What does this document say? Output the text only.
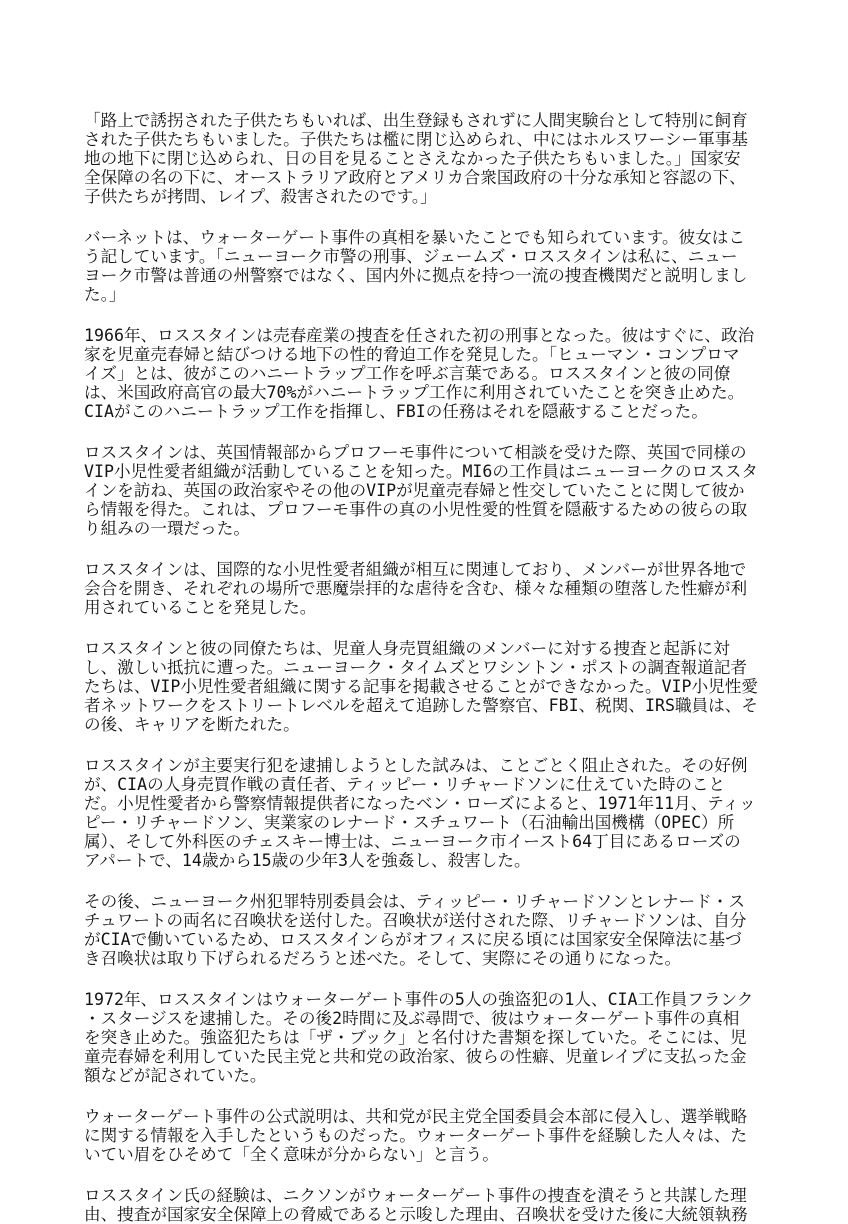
「路上で誘拐された子供たちもいれば、出生登録もされずに人間実験台として特別に飼育
された子供たちもいました。子供たちは檻に閉じ込められ、中にはホルスワーシー軍事基
地の地下に閉じ込められ、日の目を見ることさえなかった子供たちもいました。」国家安
全保障の名の下に、オーストラリア政府とアメリカ合衆国政府の十分な承知と容認の下、
子供たちが拷問、レイプ、殺害されたのです。」

バーネットは、ウォーターゲート事件の真相を暴いたことでも知られています。彼女はこ
う記しています。「ニューヨーク市警の刑事、ジェームズ・ロススタインは私に、ニュー
ヨーク市警は普通の州警察ではなく、国内外に拠点を持つ一流の捜査機関だと説明しまし
た。」

1966年、ロススタインは売春産業の捜査を任された初の刑事となった。彼はすぐに、政治
家を児童売春婦と結びつける地下の性的脅迫工作を発見した。「ヒューマン・コンプロマ
イズ」とは、彼がこのハニートラップ工作を呼ぶ言葉である。ロススタインと彼の同僚
は、米国政府高官の最大70%がハニートラップ工作に利用されていたことを突き止めた。
CIAがこのハニートラップ工作を指揮し、FBIの任務はそれを隠蔽することだった。

ロススタインは、英国情報部からプロフーモ事件について相談を受けた際、英国で同様の
VIP小児性愛者組織が活動していることを知った。MI6の工作員はニューヨークのロススタ
インを訪ね、英国の政治家やその他のVIPが児童売春婦と性交していたことに関して彼か
ら情報を得た。これは、プロフーモ事件の真の小児性愛的性質を隠蔽するための彼らの取
り組みの一環だった。

ロススタインは、国際的な小児性愛者組織が相互に関連しており、メンバーが世界各地で
会合を開き、それぞれの場所で悪魔崇拝的な虐待を含む、様々な種類の堕落した性癖が利
用されていることを発見した。

ロススタインと彼の同僚たちは、児童人身売買組織のメンバーに対する捜査と起訴に対
し、激しい抵抗に遭った。ニューヨーク・タイムズとワシントン・ポストの調査報道記者
たちは、VIP小児性愛者組織に関する記事を掲載させることができなかった。VIP小児性愛
者ネットワークをストリートレベルを超えて追跡した警察官、FBI、税関、IRS職員は、そ
の後、キャリアを断たれた。

ロススタインが主要実行犯を逮捕しようとした試みは、ことごとく阻止された。その好例
が、CIAの人身売買作戦の責任者、ティッピー・リチャードソンに仕えていた時のこと
だ。小児性愛者から警察情報提供者になったベン・ローズによると、1971年11月、ティッ
ピー・リチャードソン、実業家のレナード・スチュワート（石油輸出国機構（OPEC）所
属）、そして外科医のチェスキー博士は、ニューヨーク市イースト64丁目にあるローズの
アパートで、14歳から15歳の少年3人を強姦し、殺害した。

その後、ニューヨーク州犯罪特別委員会は、ティッピー・リチャードソンとレナード・ス
チュワートの両名に召喚状を送付した。召喚状が送付された際、リチャードソンは、自分
がCIAで働いているため、ロススタインらがオフィスに戻る頃には国家安全保障法に基づ
き召喚状は取り下げられるだろうと述べた。そして、実際にその通りになった。

1972年、ロススタインはウォーターゲート事件の5人の強盗犯の1人、CIA工作員フランク
・スタージスを逮捕した。その後2時間に及ぶ尋問で、彼はウォーターゲート事件の真相
を突き止めた。強盗犯たちは「ザ・ブック」と名付けた書類を探していた。そこには、児
童売春婦を利用していた民主党と共和党の政治家、彼らの性癖、児童レイプに支払った金
額などが記されていた。

ウォーターゲート事件の公式説明は、共和党が民主党全国委員会本部に侵入し、選挙戦略
に関する情報を入手したというものだった。ウォーターゲート事件を経験した人々は、た
いてい眉をひそめて「全く意味が分からない」と言う。

ロススタイン氏の経験は、ニクソンがウォーターゲート事件の捜査を潰そうと共謀した理
由、捜査が国家安全保障上の脅威であると示唆した理由、召喚状を受けた後に大統領執務
